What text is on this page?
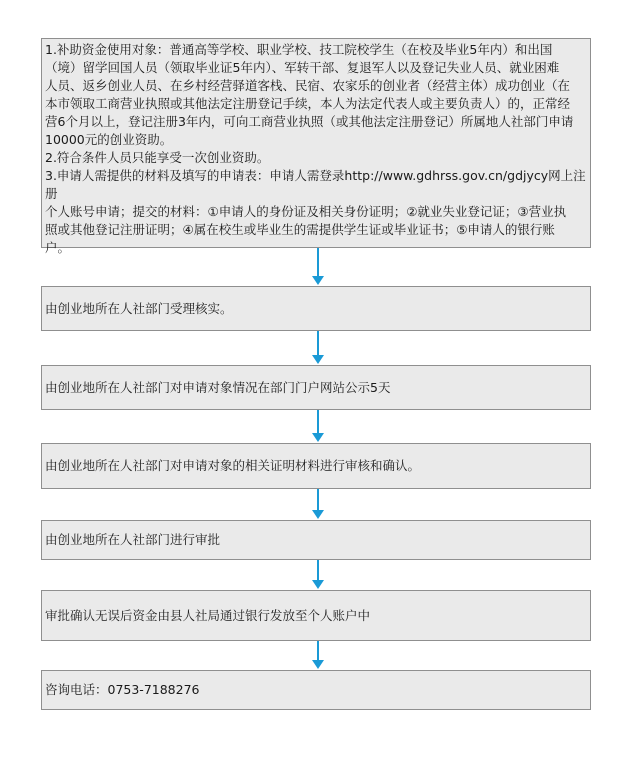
1.补助资金使用对象：普通高等学校、职业学校、技工院校学生（在校及毕业5年内）和出国
（境）留学回国人员（领取毕业证5年内）、军转干部、复退军人以及登记失业人员、就业困难
人员、返乡创业人员、在乡村经营驿道客栈、民宿、农家乐的创业者（经营主体）成功创业（在
本市领取工商营业执照或其他法定注册登记手续，本人为法定代表人或主要负责人）的，正常经
营6个月以上，登记注册3年内，可向工商营业执照（或其他法定注册登记）所属地人社部门申请
10000元的创业资助。
2.符合条件人员只能享受一次创业资助。
3.申请人需提供的材料及填写的申请表：申请人需登录http://www.gdhrss.gov.cn/gdjycy网上注册
个人账号申请；提交的材料：①申请人的身份证及相关身份证明；②就业失业登记证；③营业执
照或其他登记注册证明；④属在校生或毕业生的需提供学生证或毕业证书；⑤申请人的银行账
户。
由创业地所在人社部门受理核实。
由创业地所在人社部门对申请对象情况在部门门户网站公示5天
由创业地所在人社部门对申请对象的相关证明材料进行审核和确认。
由创业地所在人社部门进行审批
审批确认无误后资金由县人社局通过银行发放至个人账户中
咨询电话：0753-7188276
